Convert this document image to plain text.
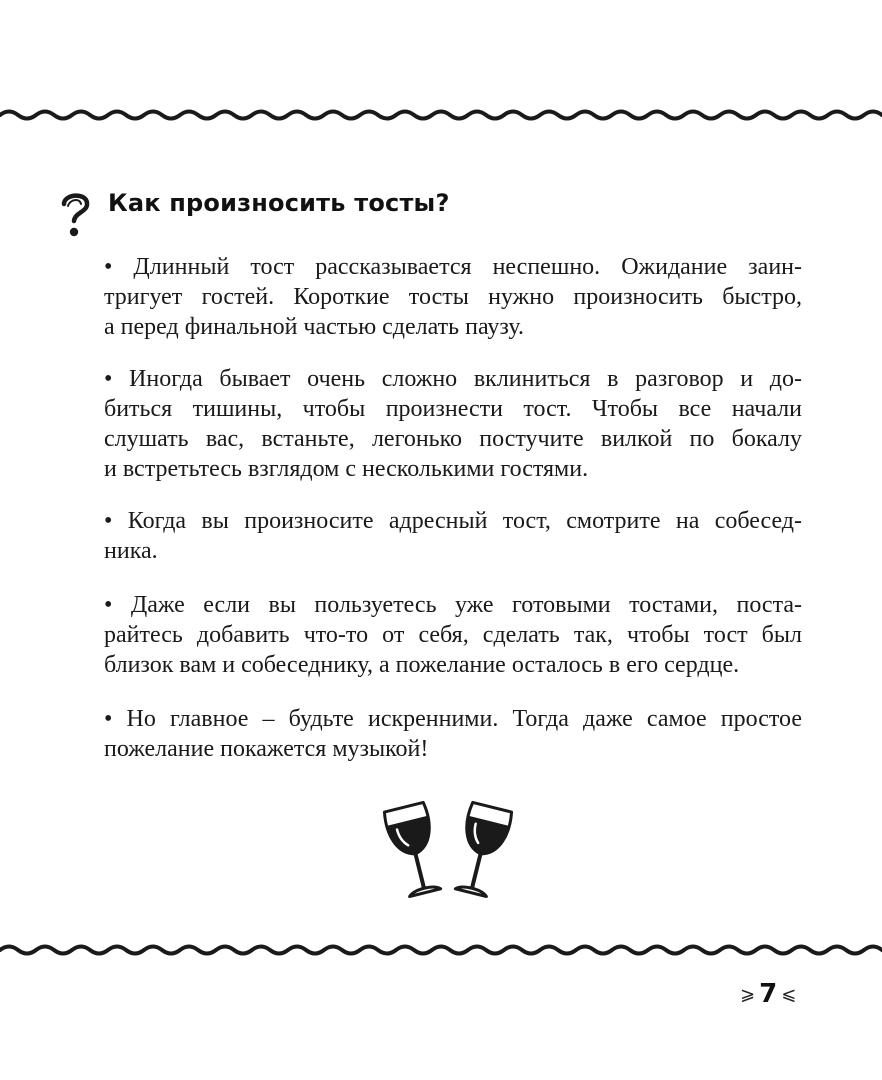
Как произносить тосты?

• Длинный тост рассказывается неспешно. Ожидание заин-
тригует гостей. Короткие тосты нужно произносить быстро,
а перед финальной частью сделать паузу.

• Иногда бывает очень сложно вклиниться в разговор и до-
биться тишины, чтобы произнести тост. Чтобы все начали
слушать вас, встаньте, легонько постучите вилкой по бокалу
и встретьтесь взглядом с несколькими гостями.

• Когда вы произносите адресный тост, смотрите на собесед-
ника.

• Даже если вы пользуетесь уже готовыми тостами, поста-
райтесь добавить что-то от себя, сделать так, чтобы тост был
близок вам и собеседнику, а пожелание осталось в его сердце.

• Но главное – будьте искренними. Тогда даже самое простое
пожелание покажется музыкой!

⩾ 7 ⩽
